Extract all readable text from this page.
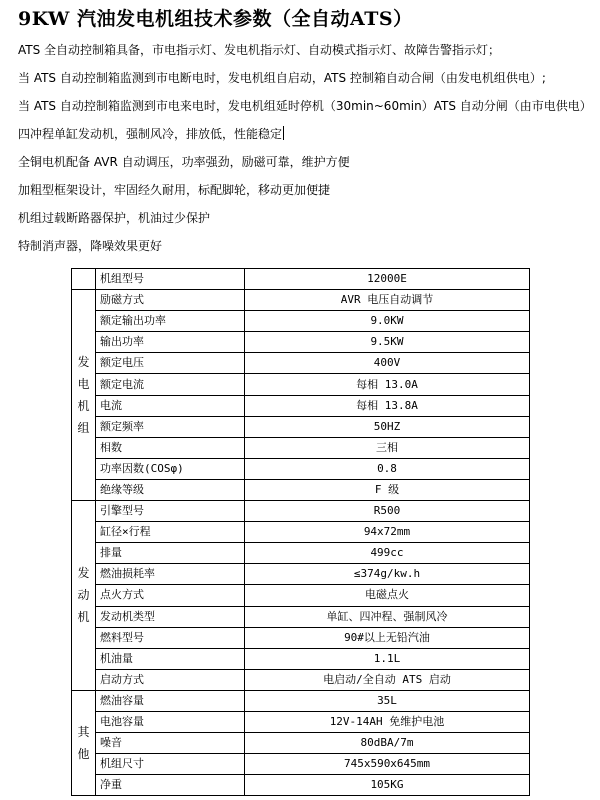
9KW 汽油发电机组技术参数（全自动ATS）
ATS 全自动控制箱具备，市电指示灯、发电机指示灯、自动模式指示灯、故障告警指示灯；
当 ATS 自动控制箱监测到市电断电时，发电机组自启动，ATS 控制箱自动合闸（由发电机组供电）;
当 ATS 自动控制箱监测到市电来电时，发电机组延时停机（30min~60min）ATS 自动分闸（由市电供电）
四冲程单缸发动机，强制风冷，排放低，性能稳定
全铜电机配备 AVR 自动调压，功率强劲，励磁可靠，维护方便
加粗型框架设计，牢固经久耐用，标配脚轮，移动更加便捷
机组过载断路器保护，机油过少保护
特制消声器，降噪效果更好
	机组型号	12000E

发
电
机
组	励磁方式	AVR 电压自动调节
	额定输出功率	9.0KW
	输出功率	9.5KW
	额定电压	400V
	额定电流	每相 13.0A
	电流	每相 13.8A
	额定频率	50HZ
	相数	三相
	功率因数(COSφ)	0.8
	绝缘等级	F 级

发
动
机	引擎型号	R500
	缸径×行程	94x72mm
	排量	499cc
	燃油损耗率	≤374g/kw.h
	点火方式	电磁点火
	发动机类型	单缸、四冲程、强制风冷
	燃料型号	90#以上无铅汽油
	机油量	1.1L
	启动方式	电启动/全自动 ATS 启动

其
他	燃油容量	35L
	电池容量	12V-14AH 免维护电池
	噪音	80dBA/7m
	机组尺寸	745x590x645mm
	净重	105KG
